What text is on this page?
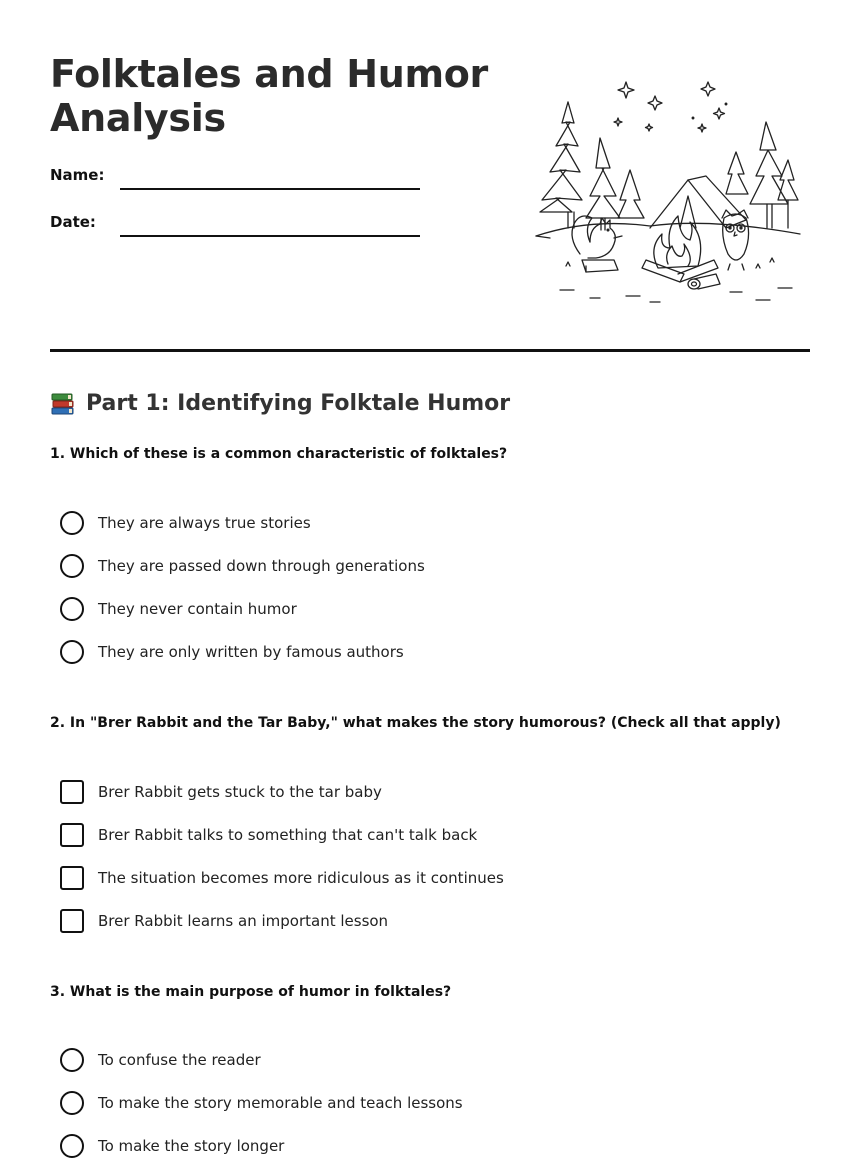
Folktales and Humor
Analysis
Name:
Date:
Part 1: Identifying Folktale Humor

1. Which of these is a common characteristic of folktales?

They are always true stories
They are passed down through generations
They never contain humor
They are only written by famous authors

2. In "Brer Rabbit and the Tar Baby," what makes the story humorous? (Check all that apply)

Brer Rabbit gets stuck to the tar baby
Brer Rabbit talks to something that can't talk back
The situation becomes more ridiculous as it continues
Brer Rabbit learns an important lesson

3. What is the main purpose of humor in folktales?

To confuse the reader
To make the story memorable and teach lessons
To make the story longer
